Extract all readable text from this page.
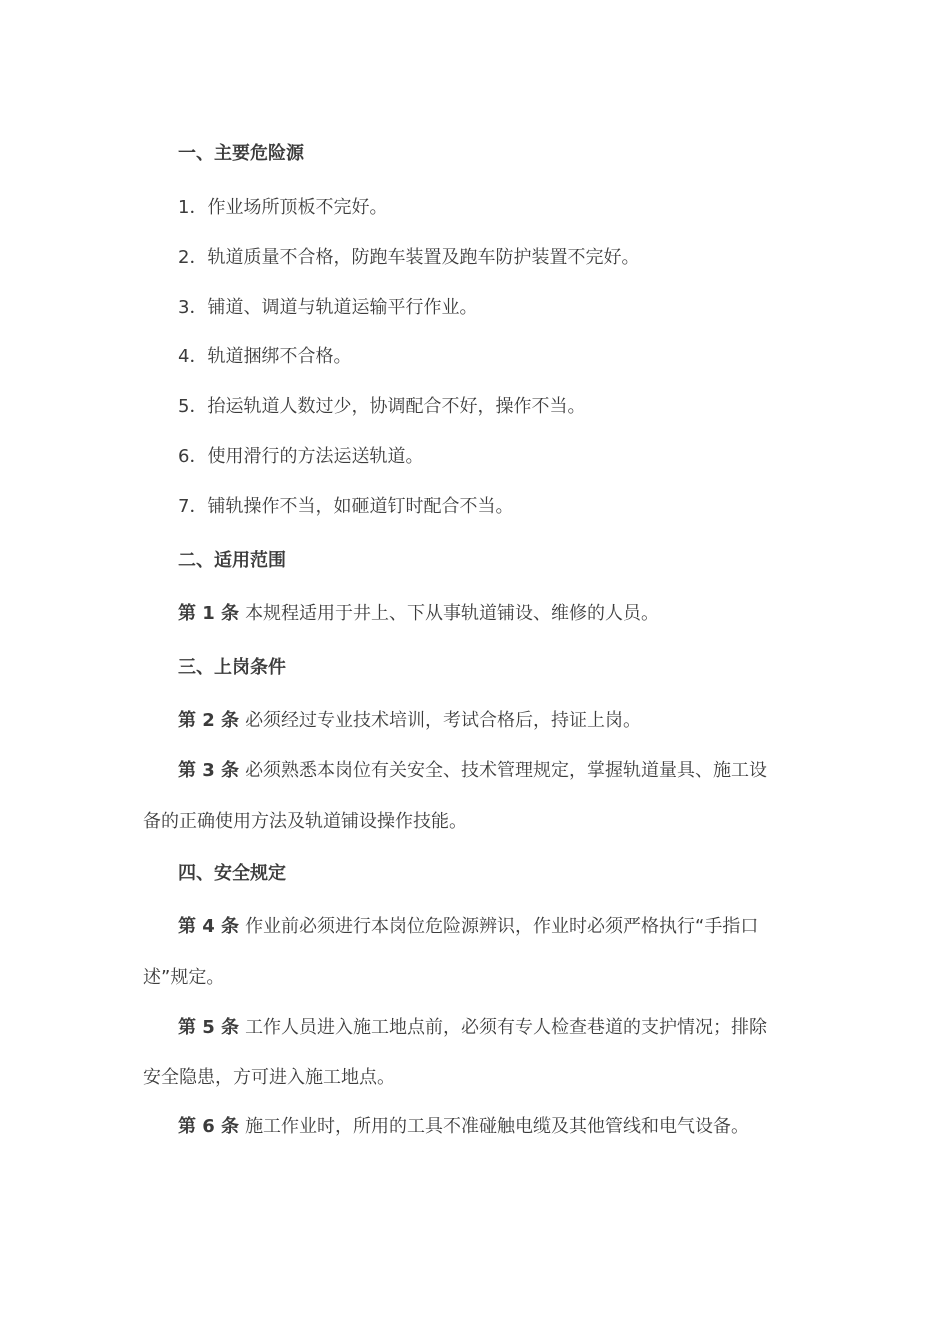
一、主要危险源
1．作业场所顶板不完好。
2．轨道质量不合格，防跑车装置及跑车防护装置不完好。
3．铺道、调道与轨道运输平行作业。
4．轨道捆绑不合格。
5．抬运轨道人数过少，协调配合不好，操作不当。
6．使用滑行的方法运送轨道。
7．铺轨操作不当，如砸道钉时配合不当。
二、适用范围
第 1 条 本规程适用于井上、下从事轨道铺设、维修的人员。
三、上岗条件
第 2 条 必须经过专业技术培训，考试合格后，持证上岗。
第 3 条 必须熟悉本岗位有关安全、技术管理规定，掌握轨道量具、施工设
备的正确使用方法及轨道铺设操作技能。
四、安全规定
第 4 条 作业前必须进行本岗位危险源辨识，作业时必须严格执行“手指口
述”规定。
第 5 条 工作人员进入施工地点前，必须有专人检查巷道的支护情况；排除
安全隐患，方可进入施工地点。
第 6 条 施工作业时，所用的工具不准碰触电缆及其他管线和电气设备。
